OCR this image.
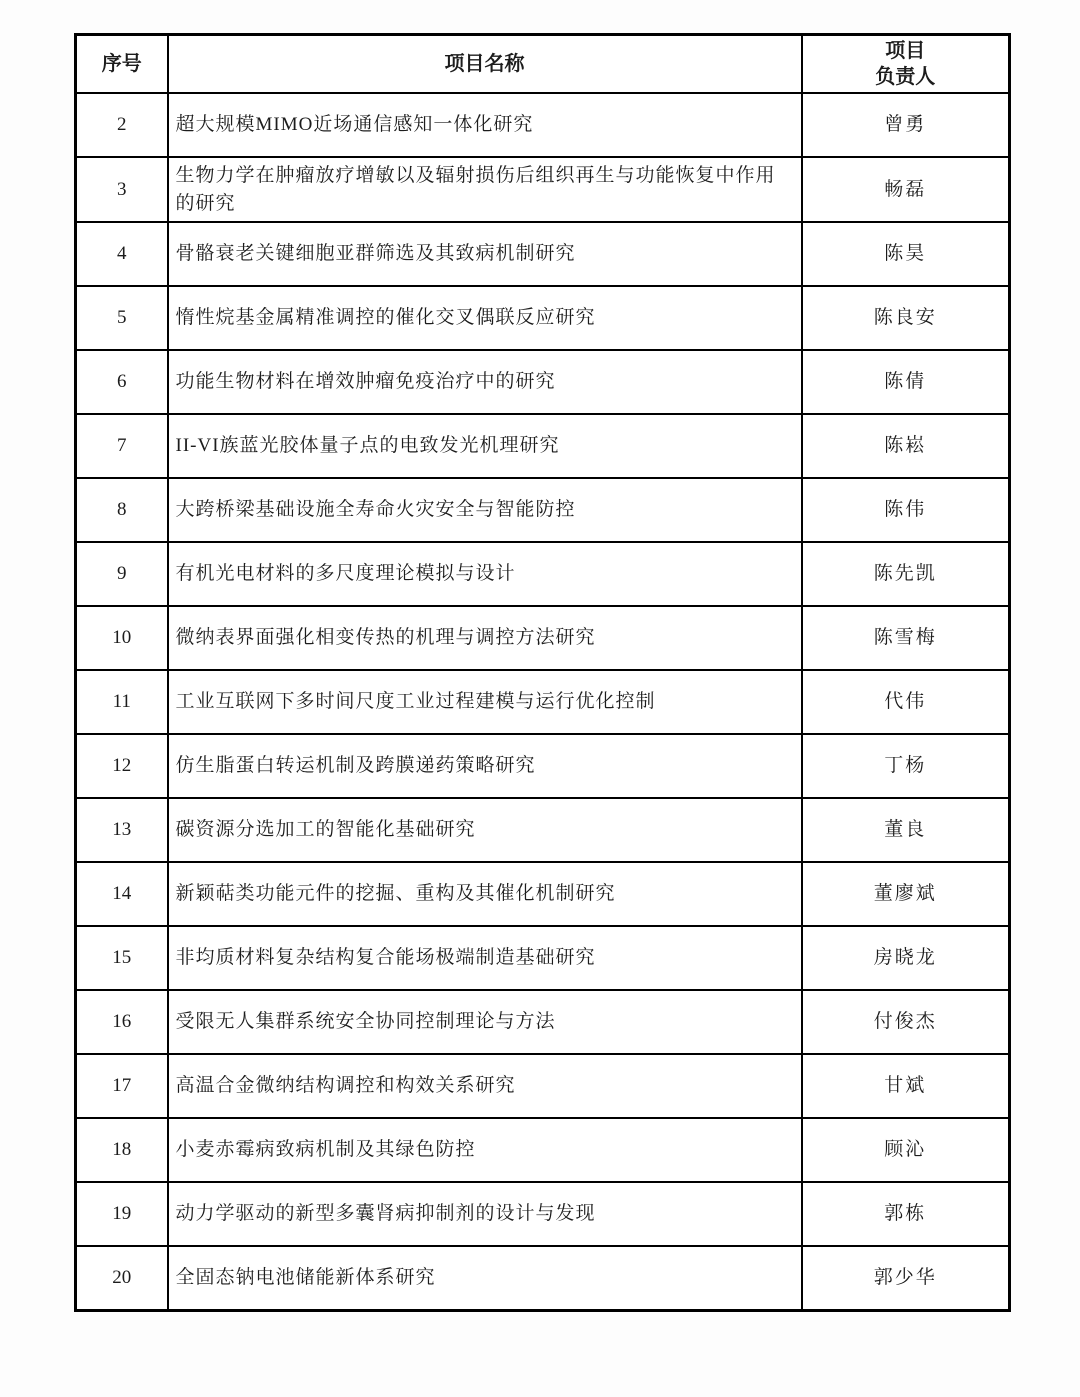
序号	项目名称	项目
负责人

2	超大规模MIMO近场通信感知一体化研究	曾勇
3	生物力学在肿瘤放疗增敏以及辐射损伤后组织再生与功能恢复中作用的研究	畅磊
4	骨骼衰老关键细胞亚群筛选及其致病机制研究	陈昊
5	惰性烷基金属精准调控的催化交叉偶联反应研究	陈良安
6	功能生物材料在增效肿瘤免疫治疗中的研究	陈倩
7	II-VI族蓝光胶体量子点的电致发光机理研究	陈崧
8	大跨桥梁基础设施全寿命火灾安全与智能防控	陈伟
9	有机光电材料的多尺度理论模拟与设计	陈先凯
10	微纳表界面强化相变传热的机理与调控方法研究	陈雪梅
11	工业互联网下多时间尺度工业过程建模与运行优化控制	代伟
12	仿生脂蛋白转运机制及跨膜递药策略研究	丁杨
13	碳资源分选加工的智能化基础研究	董良
14	新颖萜类功能元件的挖掘、重构及其催化机制研究	董廖斌
15	非均质材料复杂结构复合能场极端制造基础研究	房晓龙
16	受限无人集群系统安全协同控制理论与方法	付俊杰
17	高温合金微纳结构调控和构效关系研究	甘斌
18	小麦赤霉病致病机制及其绿色防控	顾沁
19	动力学驱动的新型多囊肾病抑制剂的设计与发现	郭栋
20	全固态钠电池储能新体系研究	郭少华
